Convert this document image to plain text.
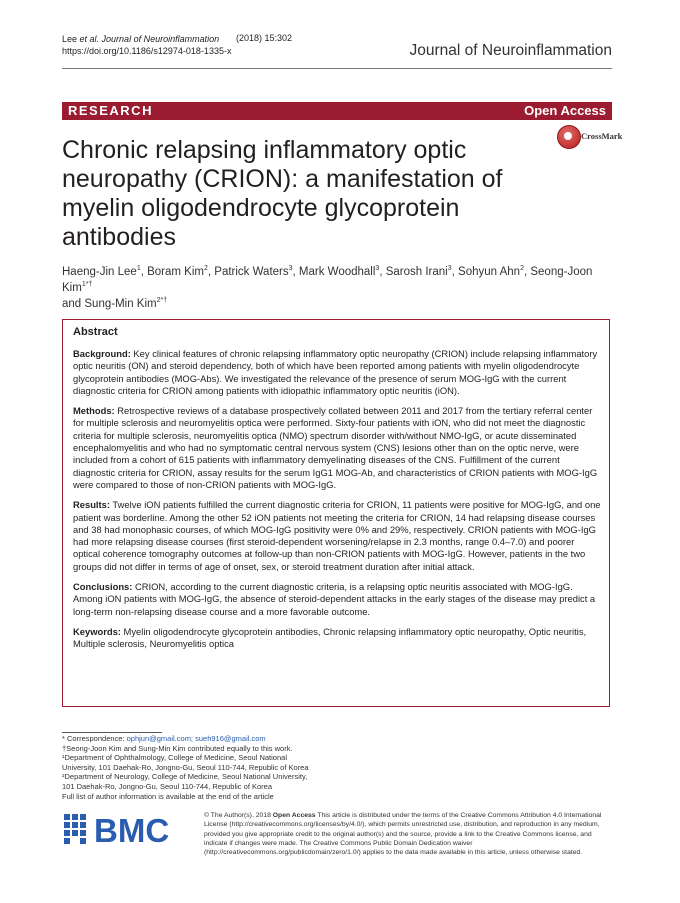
Lee et al. Journal of Neuroinflammation
https://doi.org/10.1186/s12974-018-1335-x
(2018) 15:302
Journal of Neuroinflammation
RESEARCH	Open Access
CrossMark
Chronic relapsing inflammatory optic neuropathy (CRION): a manifestation of myelin oligodendrocyte glycoprotein antibodies
Haeng-Jin Lee$^1$, Boram Kim$^2$, Patrick Waters$^3$, Mark Woodhall$^3$, Sarosh Irani$^3$, Sohyun Ahn$^2$, Seong-Joon Kim$^{1*\dagger}$
and Sung-Min Kim$^{2*\dagger}$
Abstract

Background: Key clinical features of chronic relapsing inflammatory optic neuropathy (CRION) include relapsing inflammatory optic neuritis (ON) and steroid dependency, both of which have been reported among patients with myelin oligodendrocyte glycoprotein antibodies (MOG-Abs). We investigated the relevance of the presence of serum MOG-IgG with the current diagnostic criteria for CRION among patients with idiopathic inflammatory optic neuritis (iON).

Methods: Retrospective reviews of a database prospectively collated between 2011 and 2017 from the tertiary referral center for multiple sclerosis and neuromyelitis optica were performed. Sixty-four patients with iON, who did not meet the diagnostic criteria for multiple sclerosis, neuromyelitis optica (NMO) spectrum disorder with/without NMO-IgG, or acute disseminated encephalomyelitis and who had no symptomatic central nervous system (CNS) lesions other than on the optic nerve, were included from a cohort of 615 patients with inflammatory demyelinating diseases of the CNS. Fulfillment of the current diagnostic criteria for CRION, assay results for the serum IgG1 MOG-Ab, and characteristics of CRION patients with MOG-IgG were compared to those of non-CRION patients with MOG-IgG.

Results: Twelve iON patients fulfilled the current diagnostic criteria for CRION, 11 patients were positive for MOG-IgG, and one patient was borderline. Among the other 52 iON patients not meeting the criteria for CRION, 14 had relapsing disease courses and 38 had monophasic courses, of which MOG-IgG positivity were 0% and 29%, respectively. CRION patients with MOG-IgG had more relapsing disease courses (first steroid-dependent worsening/relapse in 2.3 months, range 0.4–7.0) and poorer optical coherence tomography outcomes at follow-up than non-CRION patients with MOG-IgG. However, patients in the two groups did not differ in terms of age of onset, sex, or steroid treatment duration after initial attack.

Conclusions: CRION, according to the current diagnostic criteria, is a relapsing optic neuritis associated with MOG-IgG. Among iON patients with MOG-IgG, the absence of steroid-dependent attacks in the early stages of the disease may predict a long-term non-relapsing disease course and a more favorable outcome.

Keywords: Myelin oligodendrocyte glycoprotein antibodies, Chronic relapsing inflammatory optic neuropathy, Optic neuritis, Multiple sclerosis, Neuromyelitis optica

* Correspondence: ophjun@gmail.com; sueh916@gmail.com
†Seong-Joon Kim and Sung-Min Kim contributed equally to this work.
¹Department of Ophthalmology, College of Medicine, Seoul National
University, 101 Daehak-Ro, Jongno-Gu, Seoul 110-744, Republic of Korea
²Department of Neurology, College of Medicine, Seoul National University,
101 Daehak-Ro, Jongno-Gu, Seoul 110-744, Republic of Korea
Full list of author information is available at the end of the article
BMC	© The Author(s). 2018 Open Access This article is distributed under the terms of the Creative Commons Attribution 4.0 International License (http://creativecommons.org/licenses/by/4.0/), which permits unrestricted use, distribution, and reproduction in any medium, provided you give appropriate credit to the original author(s) and the source, provide a link to the Creative Commons license, and indicate if changes were made. The Creative Commons Public Domain Dedication waiver (http://creativecommons.org/publicdomain/zero/1.0/) applies to the data made available in this article, unless otherwise stated.
